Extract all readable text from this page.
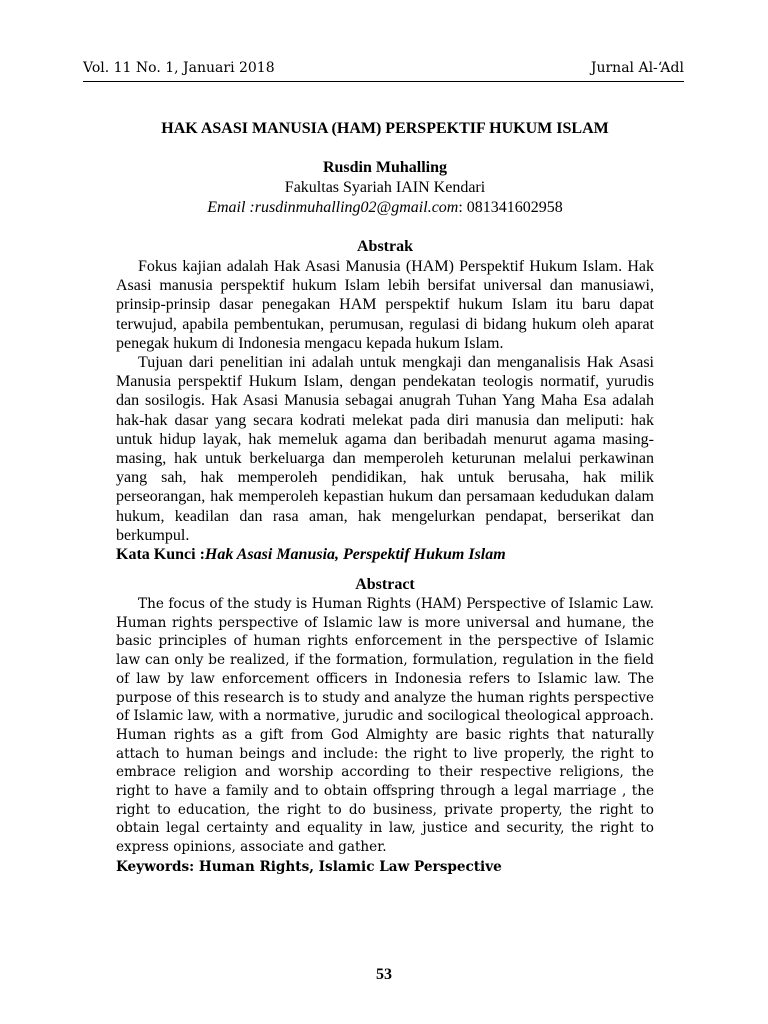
Vol. 11 No. 1, Januari 2018	Jurnal Al-‘Adl
HAK ASASI MANUSIA (HAM) PERSPEKTIF HUKUM ISLAM
Rusdin Muhalling
Fakultas Syariah IAIN Kendari
Email :rusdinmuhalling02@gmail.com: 081341602958
Abstrak

Fokus kajian adalah Hak Asasi Manusia (HAM) Perspektif Hukum Islam. Hak Asasi manusia perspektif hukum Islam lebih bersifat universal dan manusiawi, prinsip-prinsip dasar penegakan HAM perspektif hukum Islam itu baru dapat terwujud, apabila pembentukan, perumusan, regulasi di bidang hukum oleh aparat penegak hukum di Indonesia mengacu kepada hukum Islam.

Tujuan dari penelitian ini adalah untuk mengkaji dan menganalisis Hak Asasi Manusia perspektif Hukum Islam, dengan pendekatan teologis normatif, yurudis dan sosilogis. Hak Asasi Manusia sebagai anugrah Tuhan Yang Maha Esa adalah hak-hak dasar yang secara kodrati melekat pada diri manusia dan meliputi: hak untuk hidup layak, hak memeluk agama dan beribadah menurut agama masing-masing, hak untuk berkeluarga dan memperoleh keturunan melalui perkawinan yang sah, hak memperoleh pendidikan, hak untuk berusaha, hak milik perseorangan, hak memperoleh kepastian hukum dan persamaan kedudukan dalam hukum, keadilan dan rasa aman, hak mengelurkan pendapat, berserikat dan berkumpul.

Kata Kunci :Hak Asasi Manusia, Perspektif Hukum Islam

Abstract

The focus of the study is Human Rights (HAM) Perspective of Islamic Law. Human rights perspective of Islamic law is more universal and humane, the basic principles of human rights enforcement in the perspective of Islamic law can only be realized, if the formation, formulation, regulation in the field of law by law enforcement officers in Indonesia refers to Islamic law. The purpose of this research is to study and analyze the human rights perspective of Islamic law, with a normative, jurudic and socilogical theological approach. Human rights as a gift from God Almighty are basic rights that naturally attach to human beings and include: the right to live properly, the right to embrace religion and worship according to their respective religions, the right to have a family and to obtain offspring through a legal marriage , the right to education, the right to do business, private property, the right to obtain legal certainty and equality in law, justice and security, the right to express opinions, associate and gather.

Keywords: Human Rights, Islamic Law Perspective

53
